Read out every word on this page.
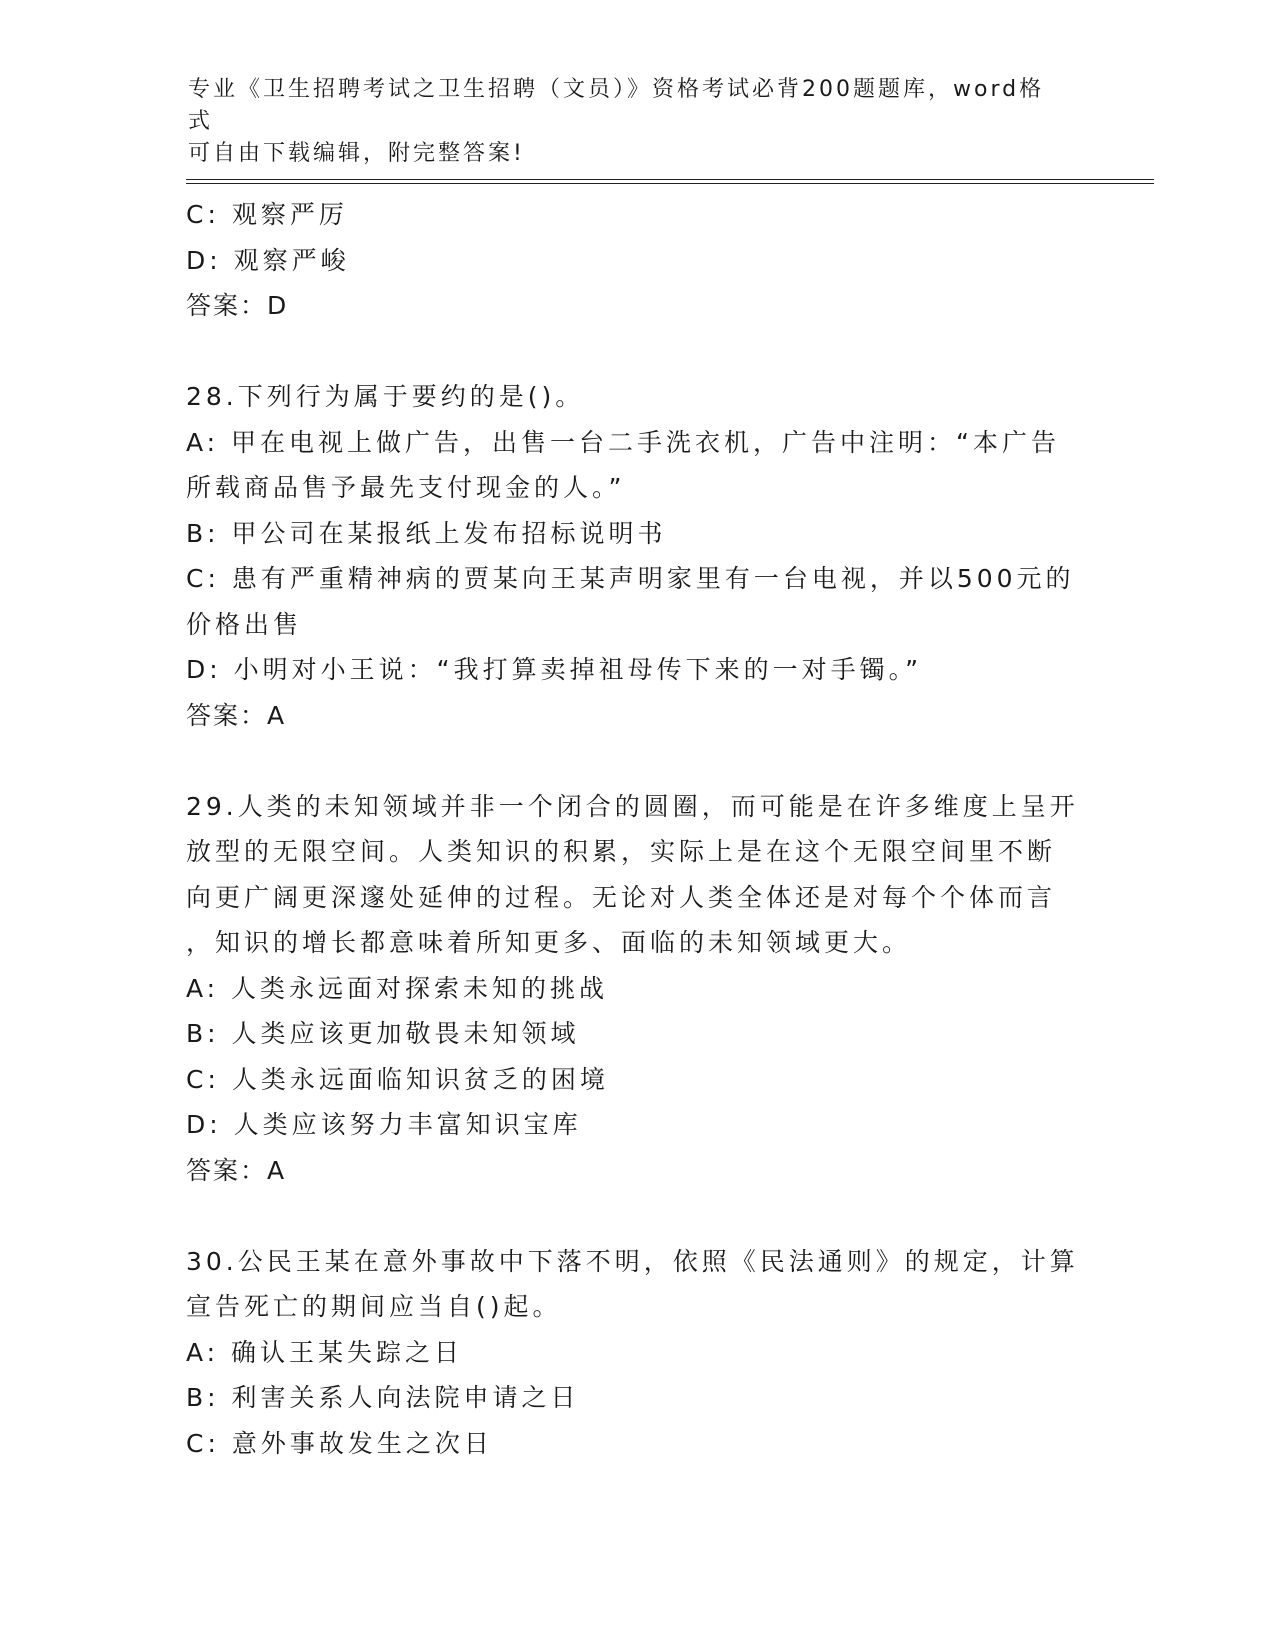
专业《卫生招聘考试之卫生招聘（文员）》资格考试必背200题题库，word格式
可自由下载编辑，附完整答案!
C: 观察严厉
D: 观察严峻
答案：D
28.下列行为属于要约的是()。
A: 甲在电视上做广告，出售一台二手洗衣机，广告中注明：“本广告
所载商品售予最先支付现金的人。”
B: 甲公司在某报纸上发布招标说明书
C: 患有严重精神病的贾某向王某声明家里有一台电视，并以500元的
价格出售
D: 小明对小王说：“我打算卖掉祖母传下来的一对手镯。”
答案：A
29.人类的未知领域并非一个闭合的圆圈，而可能是在许多维度上呈开
放型的无限空间。人类知识的积累，实际上是在这个无限空间里不断
向更广阔更深邃处延伸的过程。无论对人类全体还是对每个个体而言
，知识的增长都意味着所知更多、面临的未知领域更大。
A: 人类永远面对探索未知的挑战
B: 人类应该更加敬畏未知领域
C: 人类永远面临知识贫乏的困境
D: 人类应该努力丰富知识宝库
答案：A
30.公民王某在意外事故中下落不明，依照《民法通则》的规定，计算
宣告死亡的期间应当自()起。
A: 确认王某失踪之日
B: 利害关系人向法院申请之日
C: 意外事故发生之次日
